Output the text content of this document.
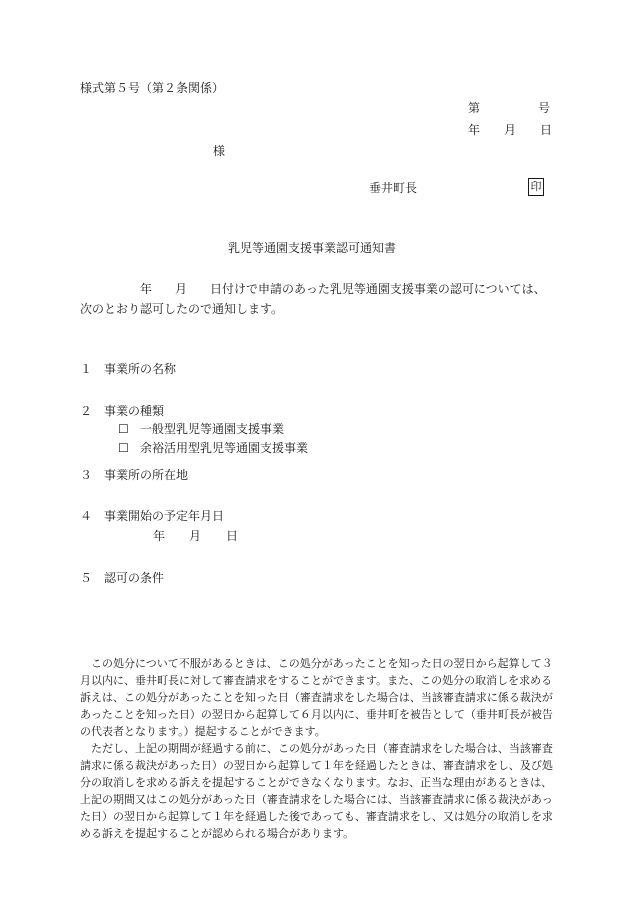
様式第５号（第２条関係）
第	号
年 月 日
様
垂井町長	印
乳児等通園支援事業認可通知書
年 月 日付けで申請のあった乳児等通園支援事業の認可については、
次のとおり認可したので通知します。
１ 事業所の名称
２ 事業の種類
☐ 一般型乳児等通園支援事業
☐ 余裕活用型乳児等通園支援事業
３ 事業所の所在地
４ 事業開始の予定年月日
年 月 日
５ 認可の条件

この処分について不服があるときは、この処分があったことを知った日の翌日から起算して３月以内に、垂井町長に対して審査請求をすることができます。また、この処分の取消しを求める訴えは、この処分があったことを知った日（審査請求をした場合は、当該審査請求に係る裁決があったことを知った日）の翌日から起算して６月以内に、垂井町を被告として（垂井町長が被告の代表者となります。）提起することができます。

ただし、上記の期間が経過する前に、この処分があった日（審査請求をした場合は、当該審査請求に係る裁決があった日）の翌日から起算して１年を経過したときは、審査請求をし、及び処分の取消しを求める訴えを提起することができなくなります。なお、正当な理由があるときは、上記の期間又はこの処分があった日（審査請求をした場合には、当該審査請求に係る裁決があった日）の翌日から起算して１年を経過した後であっても、審査請求をし、又は処分の取消しを求める訴えを提起することが認められる場合があります。
